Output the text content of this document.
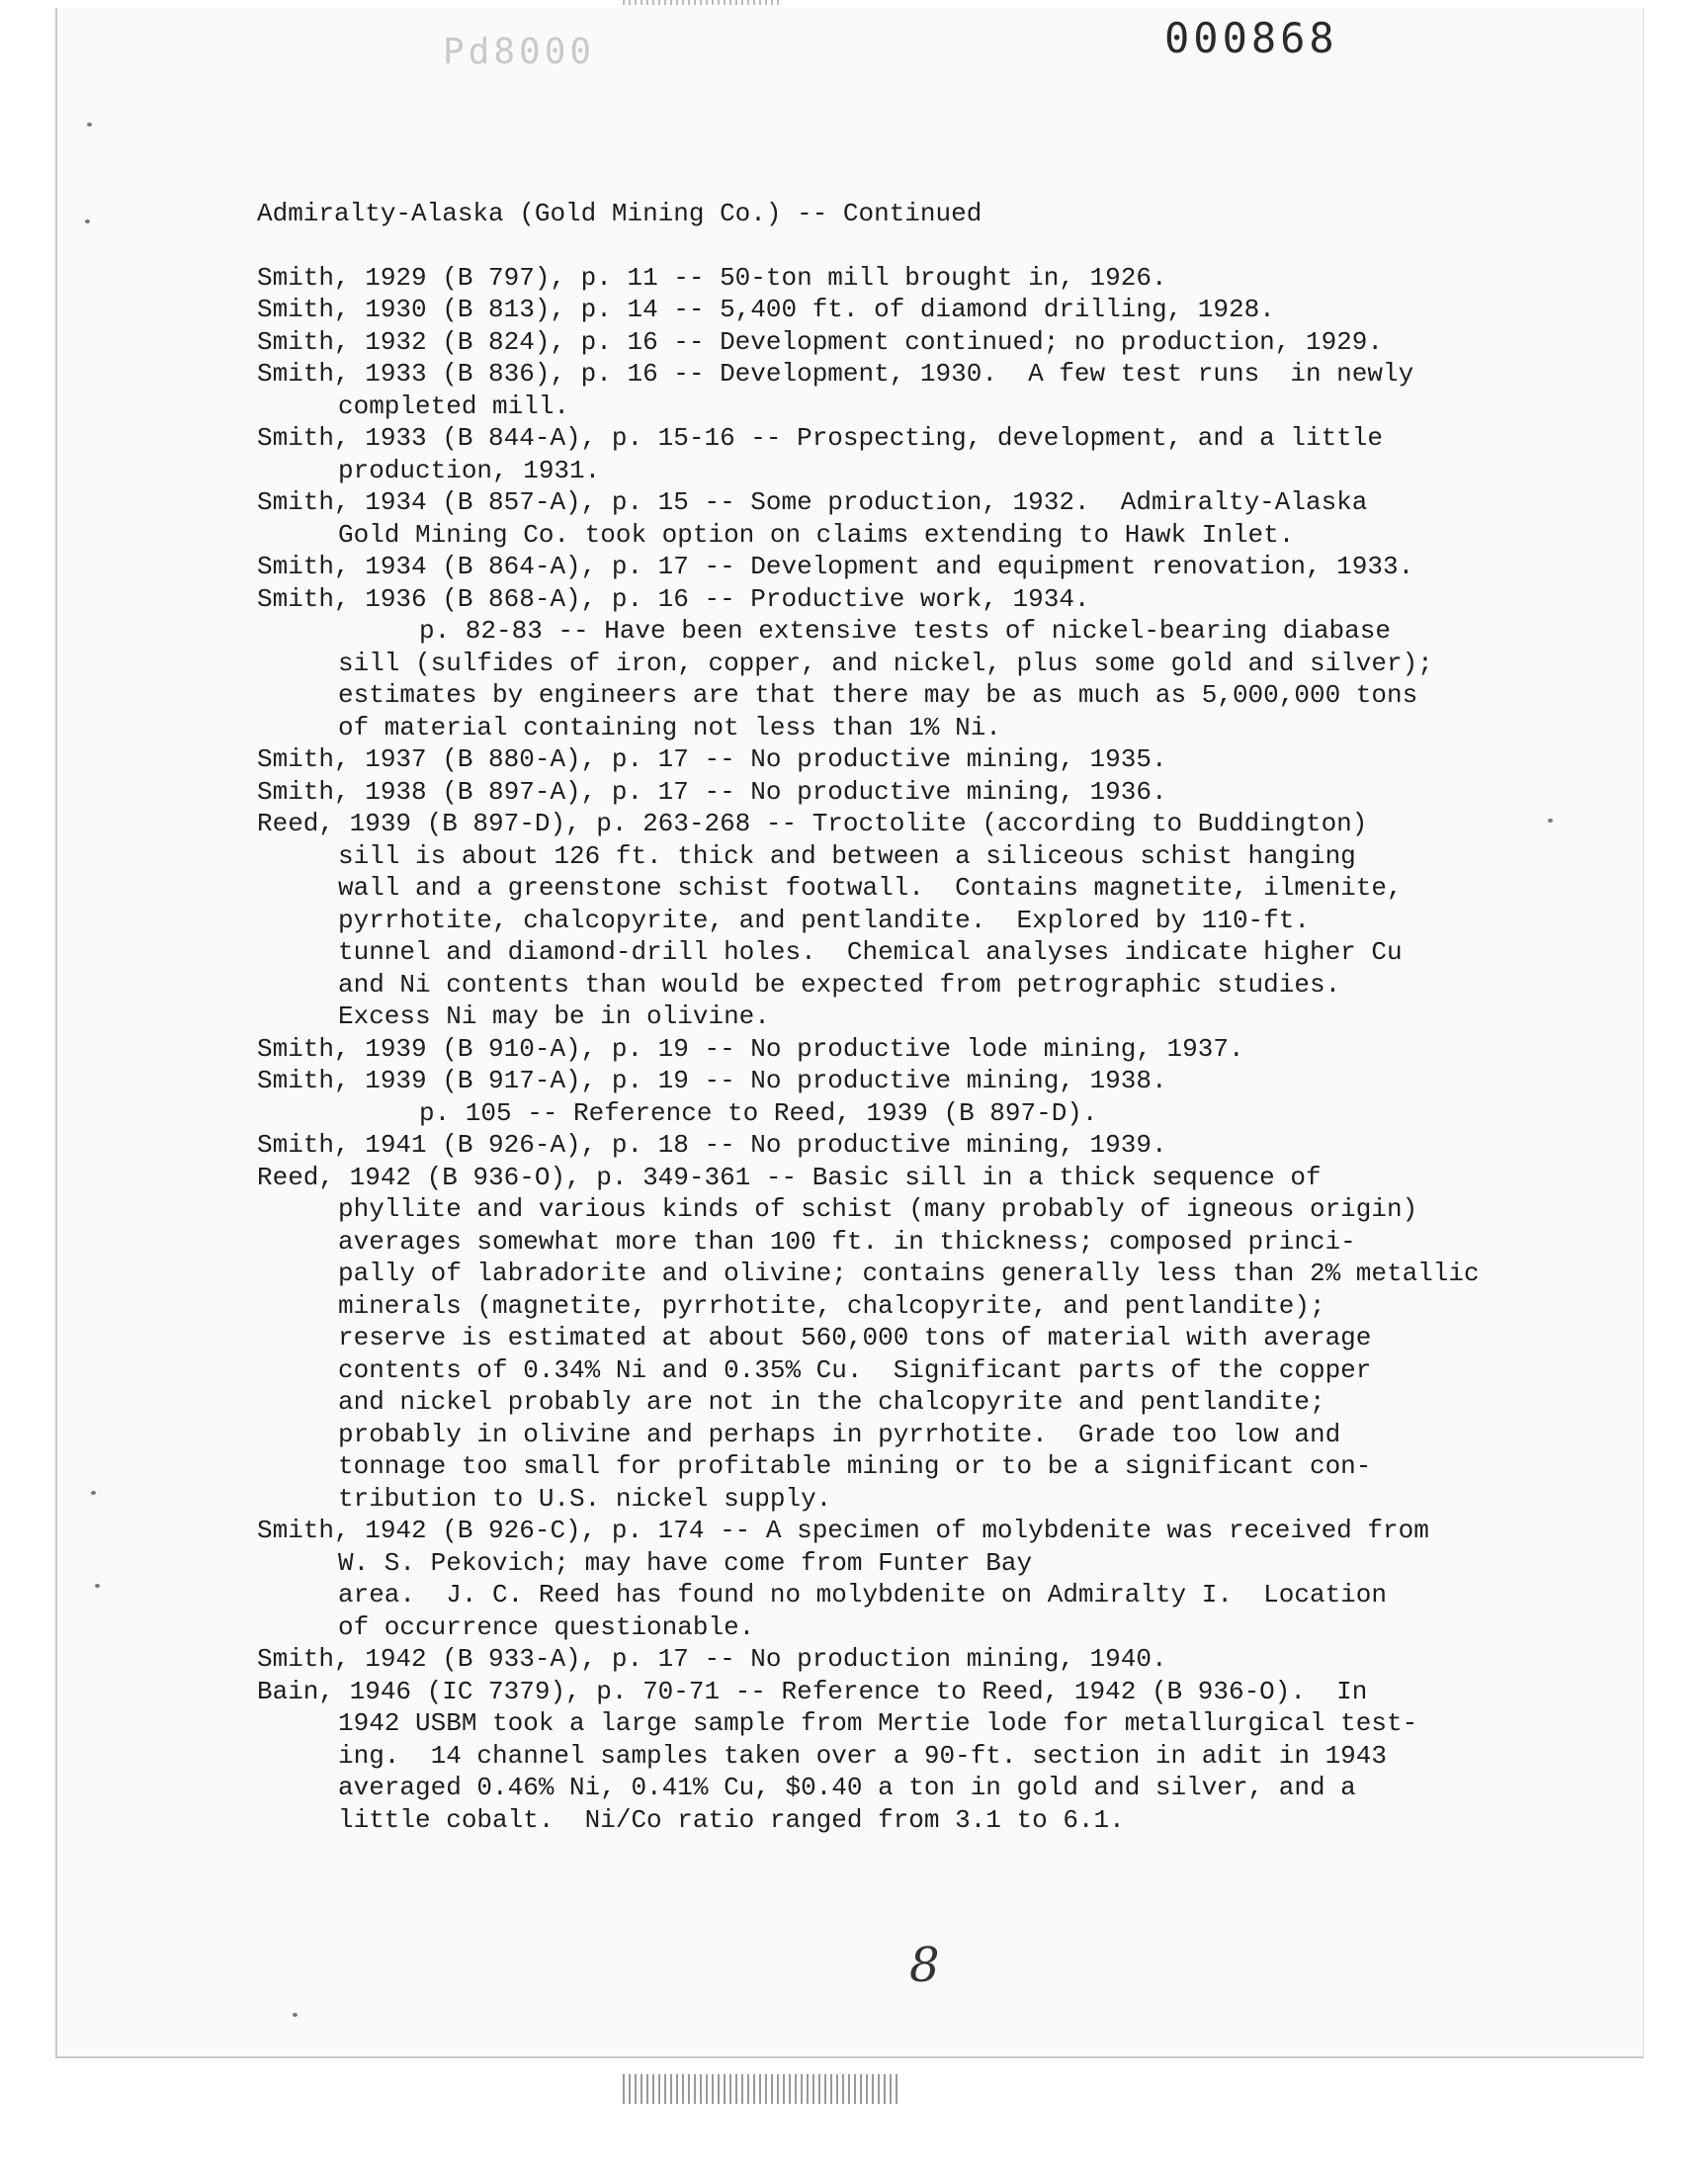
Pd8000	000868
8
Admiralty-Alaska (Gold Mining Co.) -- Continued
Smith, 1929 (B 797), p. 11 -- 50-ton mill brought in, 1926.
Smith, 1930 (B 813), p. 14 -- 5,400 ft. of diamond drilling, 1928.
Smith, 1932 (B 824), p. 16 -- Development continued; no production, 1929.
Smith, 1933 (B 836), p. 16 -- Development, 1930.  A few test runs  in newly
completed mill.
Smith, 1933 (B 844-A), p. 15-16 -- Prospecting, development, and a little
production, 1931.
Smith, 1934 (B 857-A), p. 15 -- Some production, 1932.  Admiralty-Alaska
Gold Mining Co. took option on claims extending to Hawk Inlet.
Smith, 1934 (B 864-A), p. 17 -- Development and equipment renovation, 1933.
Smith, 1936 (B 868-A), p. 16 -- Productive work, 1934.
p. 82-83 -- Have been extensive tests of nickel-bearing diabase
sill (sulfides of iron, copper, and nickel, plus some gold and silver);
estimates by engineers are that there may be as much as 5,000,000 tons
of material containing not less than 1% Ni.
Smith, 1937 (B 880-A), p. 17 -- No productive mining, 1935.
Smith, 1938 (B 897-A), p. 17 -- No productive mining, 1936.
Reed, 1939 (B 897-D), p. 263-268 -- Troctolite (according to Buddington)
sill is about 126 ft. thick and between a siliceous schist hanging
wall and a greenstone schist footwall.  Contains magnetite, ilmenite,
pyrrhotite, chalcopyrite, and pentlandite.  Explored by 110-ft.
tunnel and diamond-drill holes.  Chemical analyses indicate higher Cu
and Ni contents than would be expected from petrographic studies.
Excess Ni may be in olivine.
Smith, 1939 (B 910-A), p. 19 -- No productive lode mining, 1937.
Smith, 1939 (B 917-A), p. 19 -- No productive mining, 1938.
p. 105 -- Reference to Reed, 1939 (B 897-D).
Smith, 1941 (B 926-A), p. 18 -- No productive mining, 1939.
Reed, 1942 (B 936-O), p. 349-361 -- Basic sill in a thick sequence of
phyllite and various kinds of schist (many probably of igneous origin)
averages somewhat more than 100 ft. in thickness; composed princi-
pally of labradorite and olivine; contains generally less than 2% metallic
minerals (magnetite, pyrrhotite, chalcopyrite, and pentlandite);
reserve is estimated at about 560,000 tons of material with average
contents of 0.34% Ni and 0.35% Cu.  Significant parts of the copper
and nickel probably are not in the chalcopyrite and pentlandite;
probably in olivine and perhaps in pyrrhotite.  Grade too low and
tonnage too small for profitable mining or to be a significant con-
tribution to U.S. nickel supply.
Smith, 1942 (B 926-C), p. 174 -- A specimen of molybdenite was received from
W. S. Pekovich; may have come from Funter Bay
area.  J. C. Reed has found no molybdenite on Admiralty I.  Location
of occurrence questionable.
Smith, 1942 (B 933-A), p. 17 -- No production mining, 1940.
Bain, 1946 (IC 7379), p. 70-71 -- Reference to Reed, 1942 (B 936-O).  In
1942 USBM took a large sample from Mertie lode for metallurgical test-
ing.  14 channel samples taken over a 90-ft. section in adit in 1943
averaged 0.46% Ni, 0.41% Cu, $0.40 a ton in gold and silver, and a
little cobalt.  Ni/Co ratio ranged from 3.1 to 6.1.
